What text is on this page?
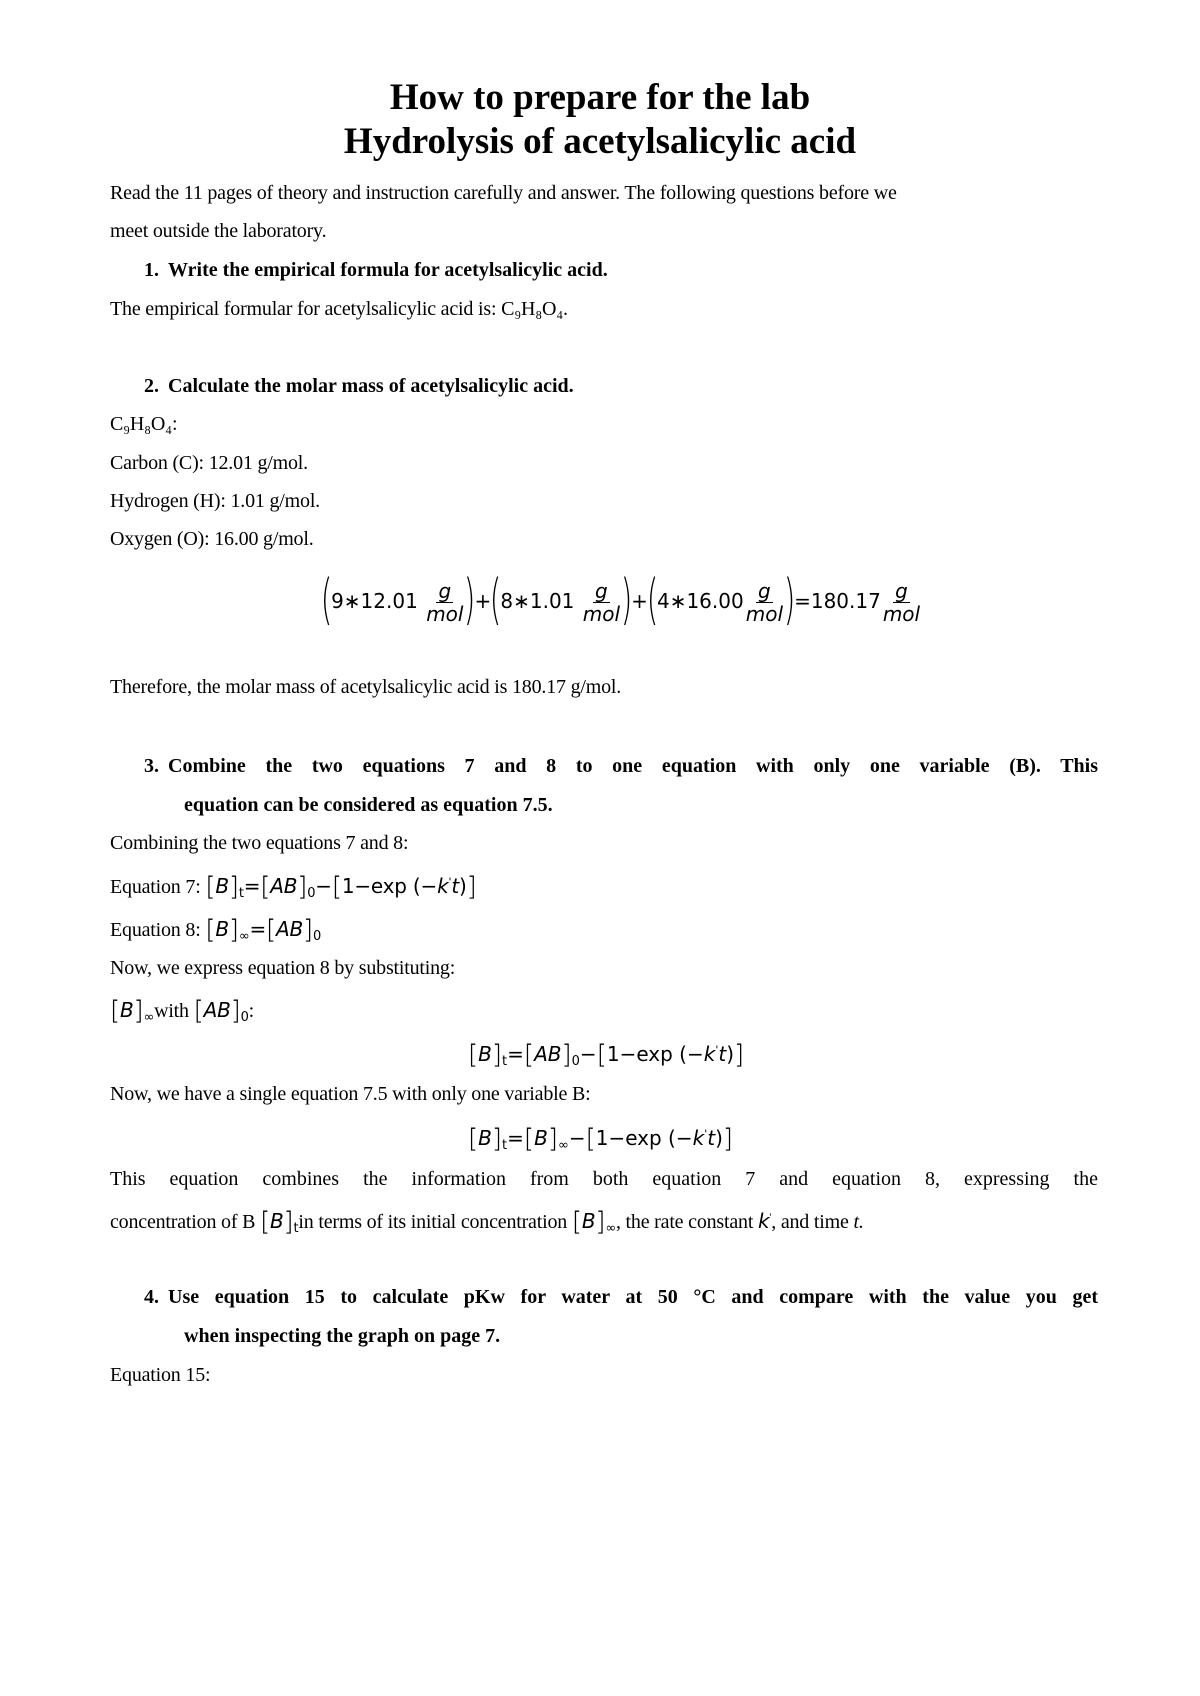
How to prepare for the lab
Hydrolysis of acetylsalicylic acid
Read the 11 pages of theory and instruction carefully and answer. The following questions before we
meet outside the laboratory.
1. Write the empirical formula for acetylsalicylic acid.
The empirical formular for acetylsalicylic acid is: C₉H₈O₄.
2. Calculate the molar mass of acetylsalicylic acid.
C₉H₈O₄:
Carbon (C): 12.01 g/mol.
Hydrogen (H): 1.01 g/mol.
Oxygen (O): 16.00 g/mol.
(9∗12.01 $\frac{g}{\text{mol}}$
)+(8∗1.01 $\frac{g}{\text{mol}}$
)+(4∗16.00 $\frac{g}{\text{mol}}$
)$=180.17 \frac{g}{\text{mol}}$
Therefore, the molar mass of acetylsalicylic acid is 180.17 g/mol.
3. Combine the two equations 7 and 8 to one equation with only one variable (B). This
equation can be considered as equation 7.5.
Combining the two equations 7 and 8:
Equation 7: $[B]_t=[AB]_0-[1-\exp$ (−k't)]
Equation 8: $[B]_\infty=[AB]_0$
Now, we express equation 8 by substituting:
$[B]_\infty with$ $[AB]_0$:
$[B]_t=[AB]_0-[1-\exp$ (−k't)]
Now, we have a single equation 7.5 with only one variable B:
$[B]_t=[B]_\infty-[1-\exp$ (−k't)]
This equation combines the information from both equation 7 and equation 8, expressing the
concentration of B $[B]_tin$ terms of its initial concentration $[B]_\infty$, the rate constant k', and time t.
4. Use equation 15 to calculate pKw for water at 50 °C and compare with the value you get
when inspecting the graph on page 7.
Equation 15:
